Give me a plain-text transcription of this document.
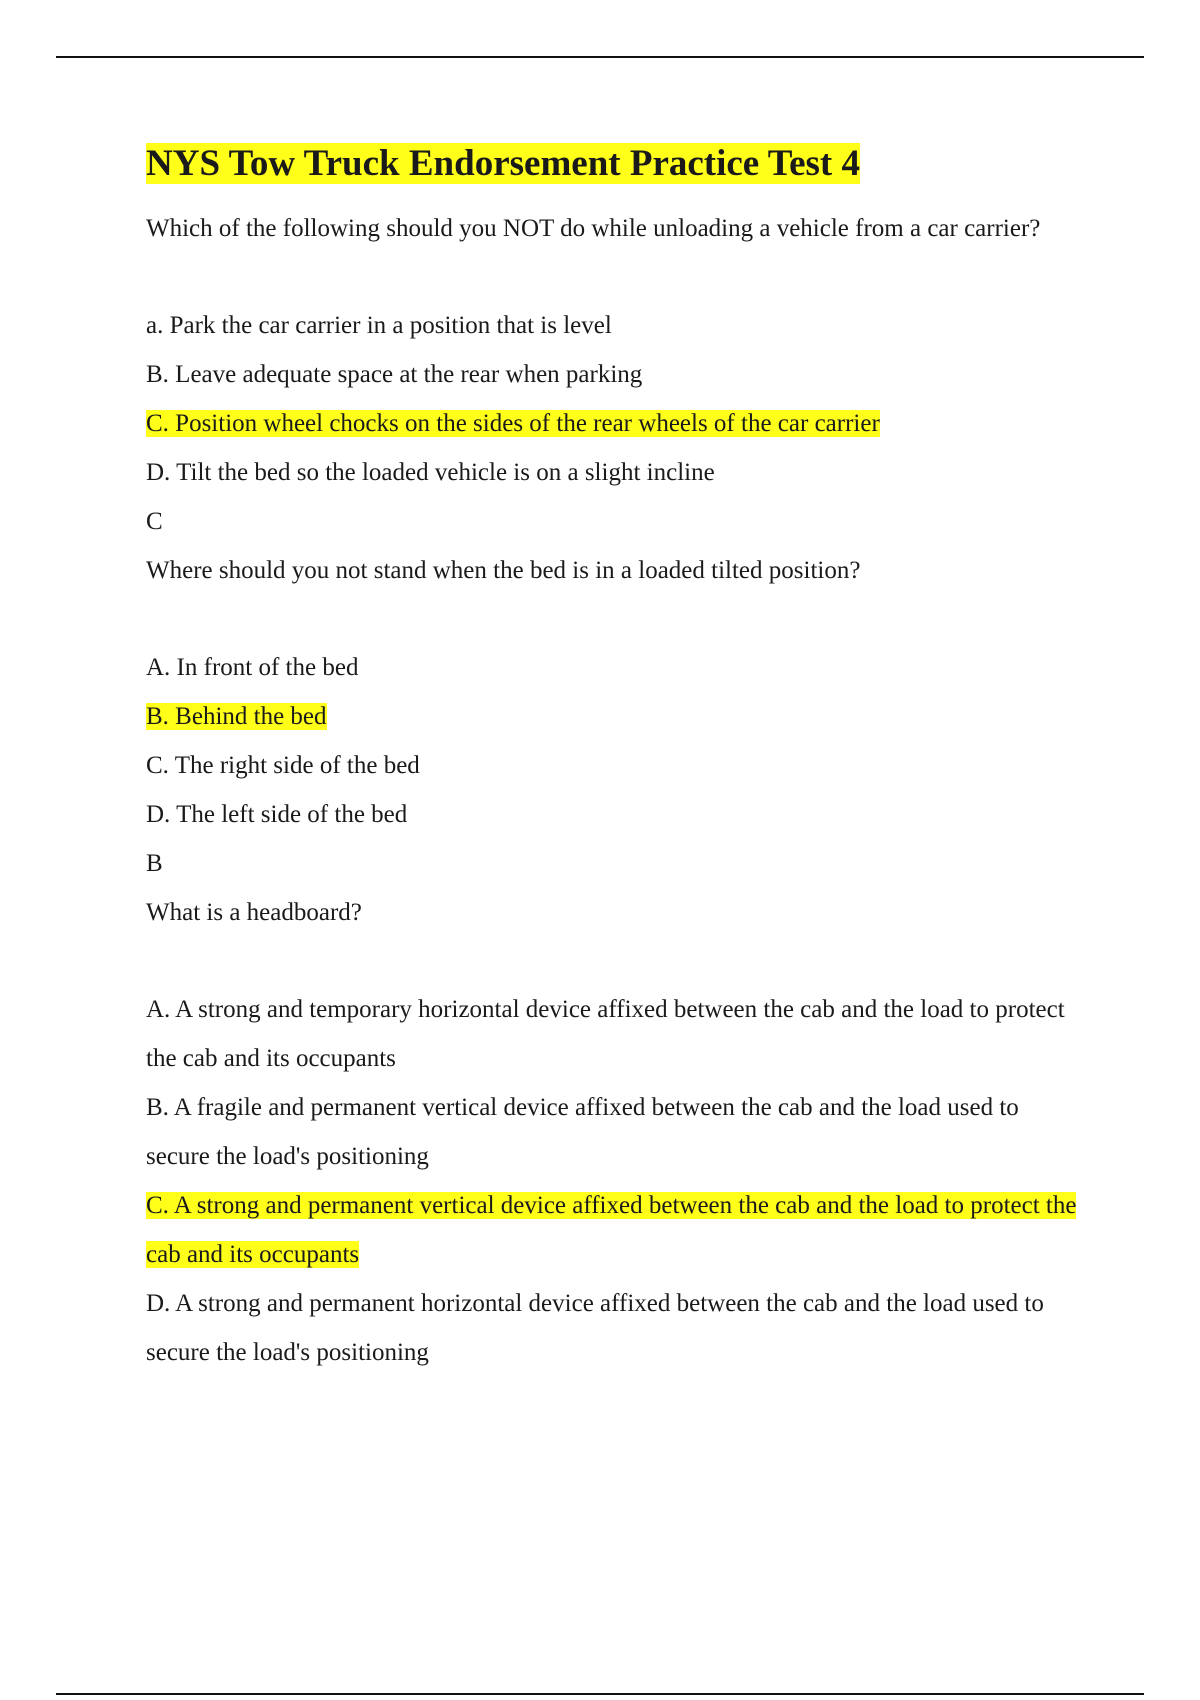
NYS Tow Truck Endorsement Practice Test 4

Which of the following should you NOT do while unloading a vehicle from a car carrier?

a. Park the car carrier in a position that is level

B. Leave adequate space at the rear when parking

C. Position wheel chocks on the sides of the rear wheels of the car carrier

D. Tilt the bed so the loaded vehicle is on a slight incline

C

Where should you not stand when the bed is in a loaded tilted position?

A. In front of the bed

B. Behind the bed

C. The right side of the bed

D. The left side of the bed

B

What is a headboard?

A. A strong and temporary horizontal device affixed between the cab and the load to protect the cab and its occupants

B. A fragile and permanent vertical device affixed between the cab and the load used to secure the load's positioning

C. A strong and permanent vertical device affixed between the cab and the load to protect the cab and its occupants

D. A strong and permanent horizontal device affixed between the cab and the load used to secure the load's positioning
